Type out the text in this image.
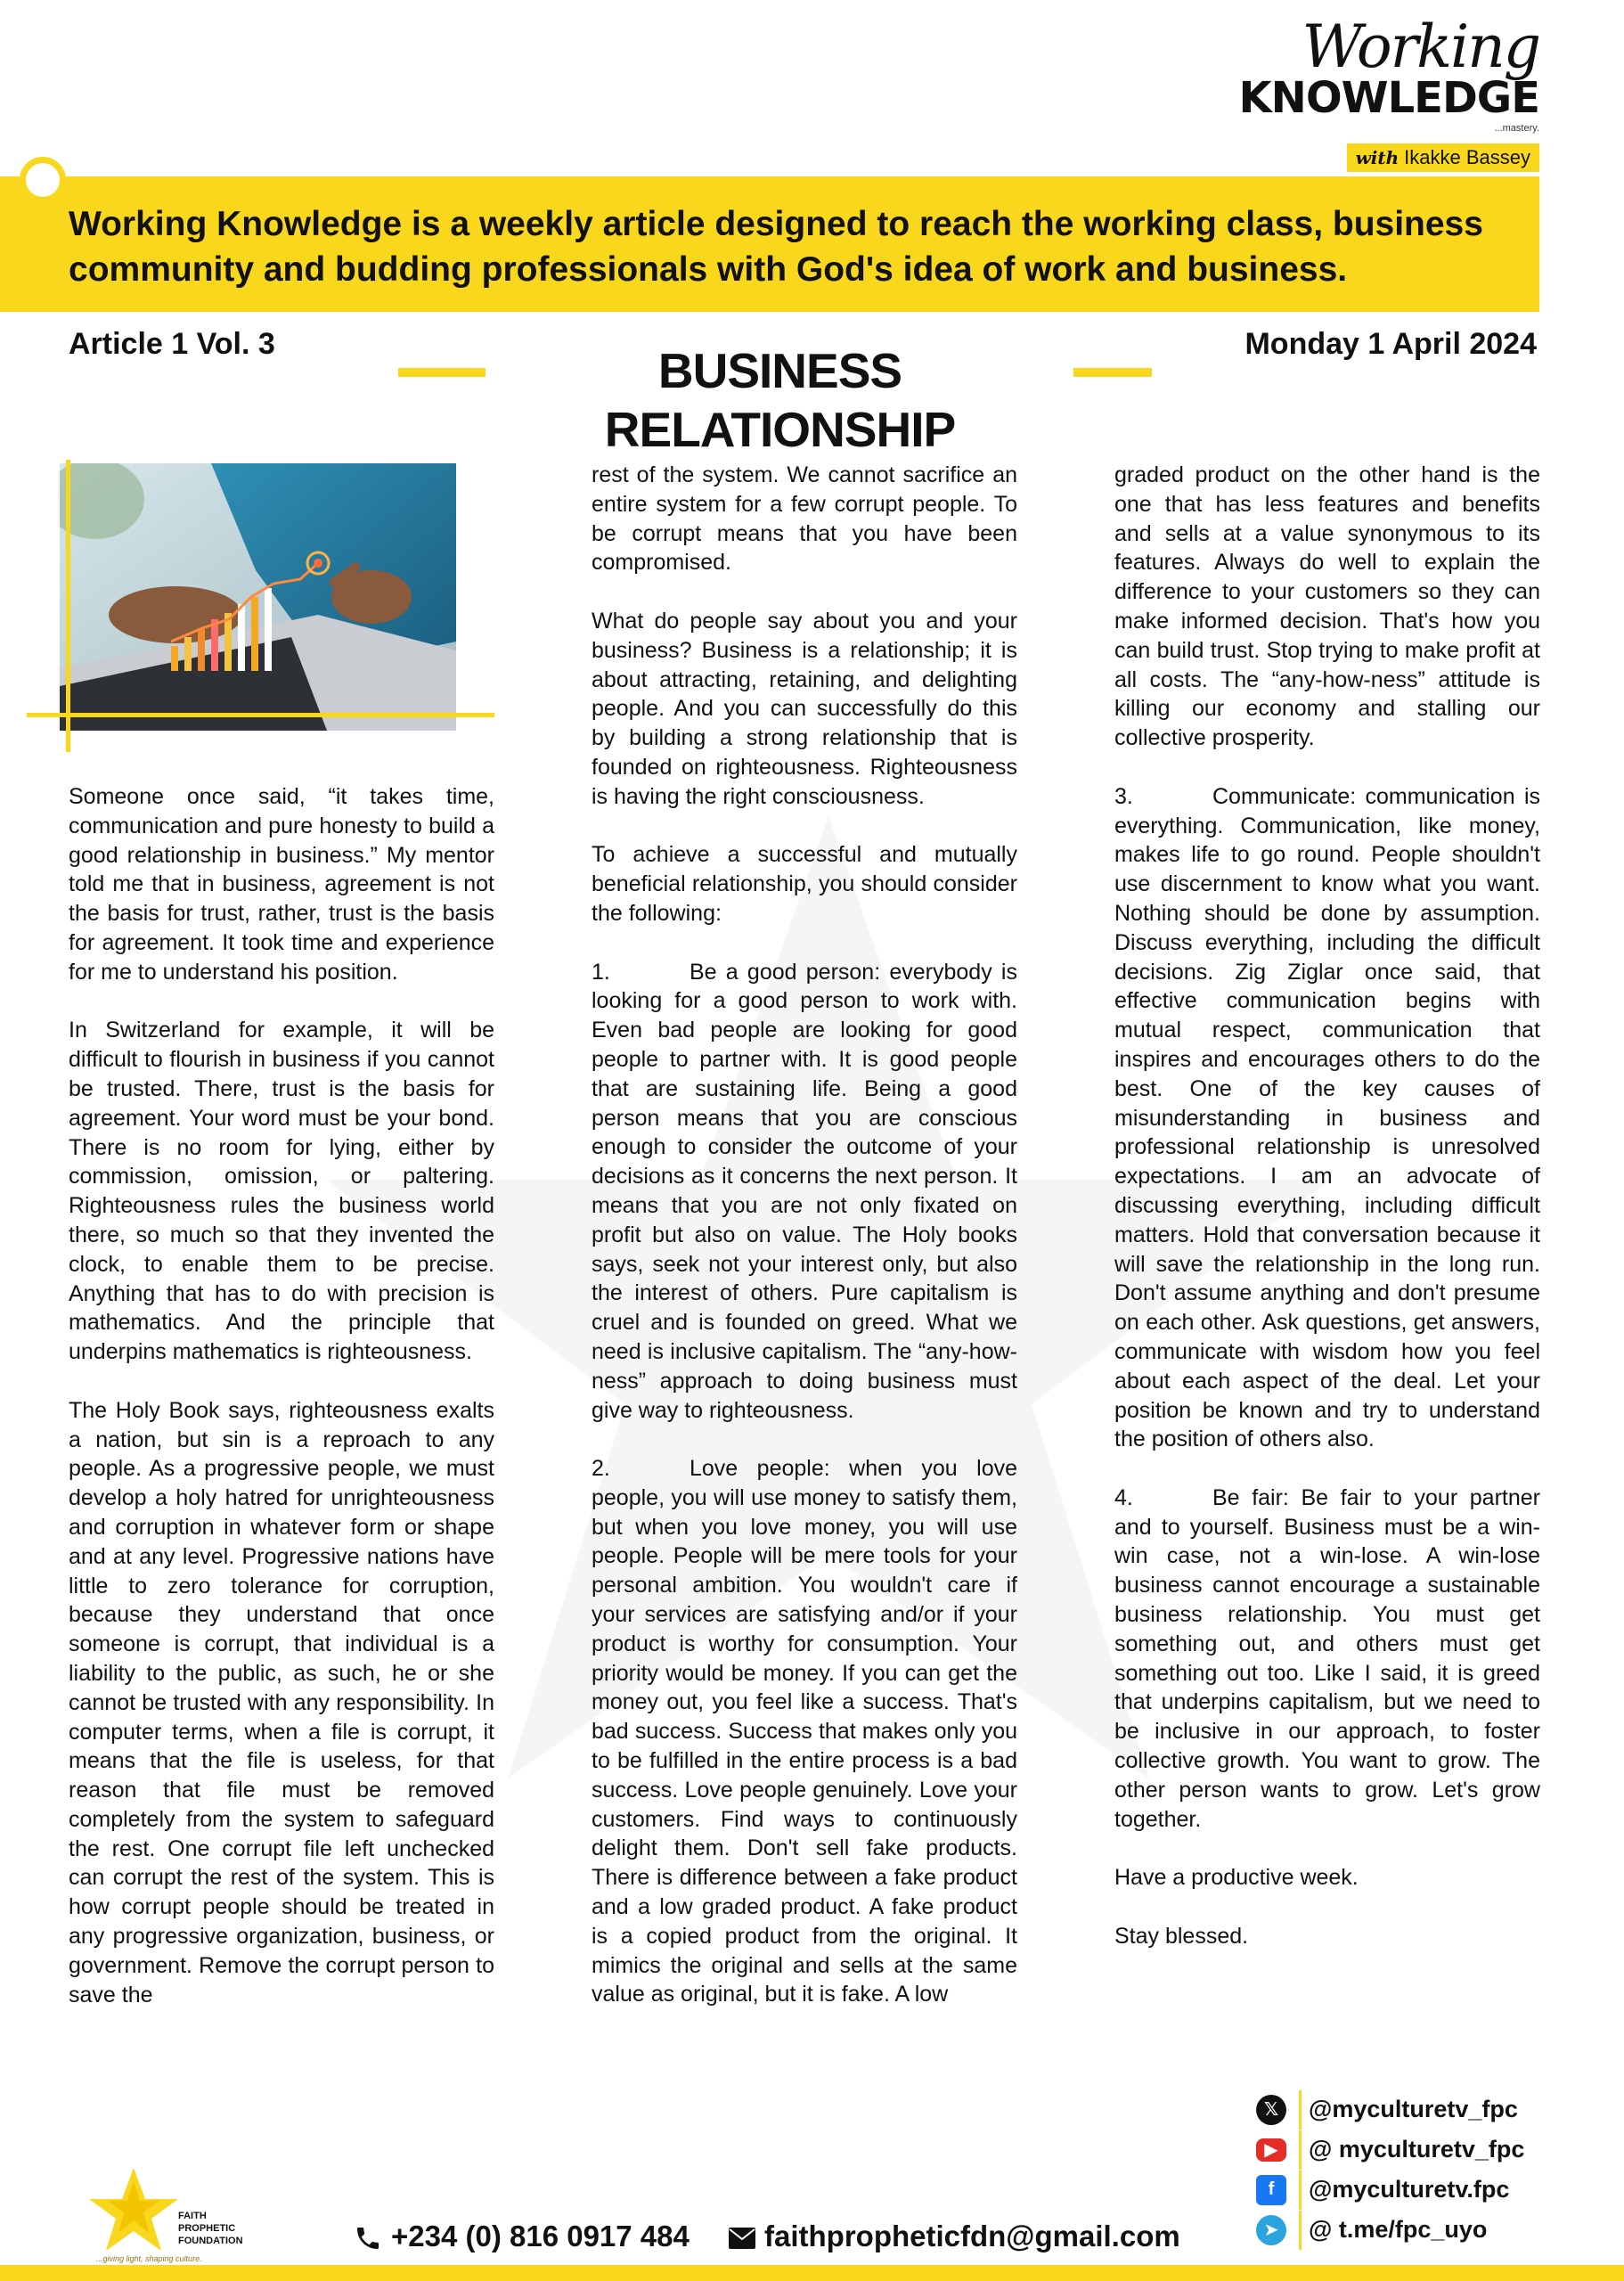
Working
KNOWLEDGE
...mastery.
with Ikakke Bassey
Working Knowledge is a weekly article designed to reach the working class, business community and budding professionals with God's idea of work and business.
Article 1 Vol. 3	Monday 1 April 2024
BUSINESS RELATIONSHIP

Someone once said, “it takes time, communication and pure honesty to build a good relationship in business.” My mentor told me that in business, agreement is not the basis for trust, rather, trust is the basis for agreement. It took time and experience for me to understand his position.

In Switzerland for example, it will be difficult to flourish in business if you cannot be trusted. There, trust is the basis for agreement. Your word must be your bond. There is no room for lying, either by commission, omission, or paltering. Righteousness rules the business world there, so much so that they invented the clock, to enable them to be precise. Anything that has to do with precision is mathematics. And the principle that underpins mathematics is righteousness.

The Holy Book says, righteousness exalts a nation, but sin is a reproach to any people. As a progressive people, we must develop a holy hatred for unrighteousness and corruption in whatever form or shape and at any level. Progressive nations have little to zero tolerance for corruption, because they understand that once someone is corrupt, that individual is a liability to the public, as such, he or she cannot be trusted with any responsibility. In computer terms, when a file is corrupt, it means that the file is useless, for that reason that file must be removed completely from the system to safeguard the rest. One corrupt file left unchecked can corrupt the rest of the system. This is how corrupt people should be treated in any progressive organization, business, or government. Remove the corrupt person to save the

rest of the system. We cannot sacrifice an entire system for a few corrupt people. To be corrupt means that you have been compromised.

What do people say about you and your business? Business is a relationship; it is about attracting, retaining, and delighting people. And you can successfully do this by building a strong relationship that is founded on righteousness. Righteousness is having the right consciousness.

To achieve a successful and mutually beneficial relationship, you should consider the following:

1.	Be a good person: everybody is looking for a good person to work with. Even bad people are looking for good people to partner with. It is good people that are sustaining life. Being a good person means that you are conscious enough to consider the outcome of your decisions as it concerns the next person. It means that you are not only fixated on profit but also on value. The Holy books says, seek not your interest only, but also the interest of others. Pure capitalism is cruel and is founded on greed. What we need is inclusive capitalism. The “any-how-ness” approach to doing business must give way to righteousness.

2.	Love people: when you love people, you will use money to satisfy them, but when you love money, you will use people. People will be mere tools for your personal ambition. You wouldn't care if your services are satisfying and/or if your product is worthy for consumption. Your priority would be money. If you can get the money out, you feel like a success. That's bad success. Success that makes only you to be fulfilled in the entire process is a bad success. Love people genuinely. Love your customers. Find ways to continuously delight them. Don't sell fake products. There is difference between a fake product and a low graded product. A fake product is a copied product from the original. It mimics the original and sells at the same value as original, but it is fake. A low

graded product on the other hand is the one that has less features and benefits and sells at a value synonymous to its features. Always do well to explain the difference to your customers so they can make informed decision. That's how you can build trust. Stop trying to make profit at all costs. The “any-how-ness” attitude is killing our economy and stalling our collective prosperity.

3.	Communicate: communication is everything. Communication, like money, makes life to go round. People shouldn't use discernment to know what you want. Nothing should be done by assumption. Discuss everything, including the difficult decisions. Zig Ziglar once said, that effective communication begins with mutual respect, communication that inspires and encourages others to do the best. One of the key causes of misunderstanding in business and professional relationship is unresolved expectations. I am an advocate of discussing everything, including difficult matters. Hold that conversation because it will save the relationship in the long run. Don't assume anything and don't presume on each other. Ask questions, get answers, communicate with wisdom how you feel about each aspect of the deal. Let your position be known and try to understand the position of others also.

4.	Be fair: Be fair to your partner and to yourself. Business must be a win-win case, not a win-lose. A win-lose business cannot encourage a sustainable business relationship. You must get something out, and others must get something out too. Like I said, it is greed that underpins capitalism, but we need to be inclusive in our approach, to foster collective growth. You want to grow. The other person wants to grow. Let's grow together.

Have a productive week.

Stay blessed.

FAITH
PROPHETIC
FOUNDATION
...giving light, shaping culture.
+234 (0) 816 0917 484	faithpropheticfdn@gmail.com
𝕏	@myculturetv_fpc
▶	@ myculturetv_fpc
f	@myculturetv.fpc
➤	@ t.me/fpc_uyo
